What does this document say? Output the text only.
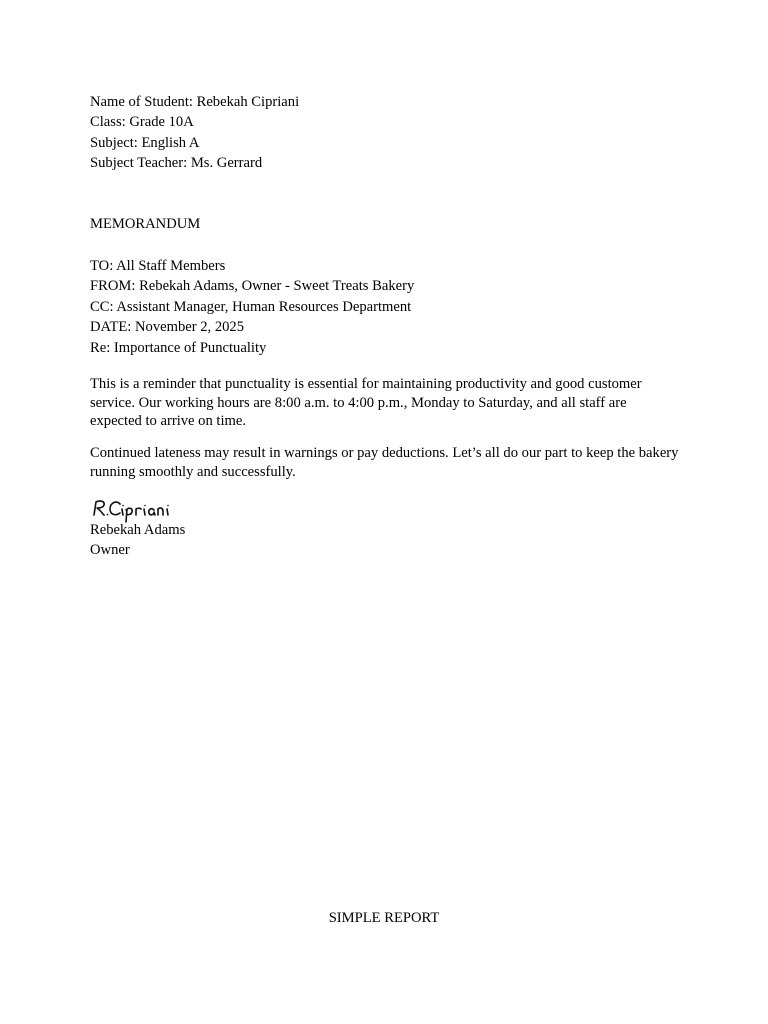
Name of Student: Rebekah Cipriani
Class: Grade 10A
Subject: English A
Subject Teacher: Ms. Gerrard
MEMORANDUM
TO: All Staff Members
FROM: Rebekah Adams, Owner - Sweet Treats Bakery
CC: Assistant Manager, Human Resources Department
DATE: November 2, 2025
Re: Importance of Punctuality
This is a reminder that punctuality is essential for maintaining productivity and good customer service. Our working hours are 8:00 a.m. to 4:00 p.m., Monday to Saturday, and all staff are expected to arrive on time.
Continued lateness may result in warnings or pay deductions. Let’s all do our part to keep the bakery running smoothly and successfully.
Rebekah Adams
Owner
SIMPLE REPORT
